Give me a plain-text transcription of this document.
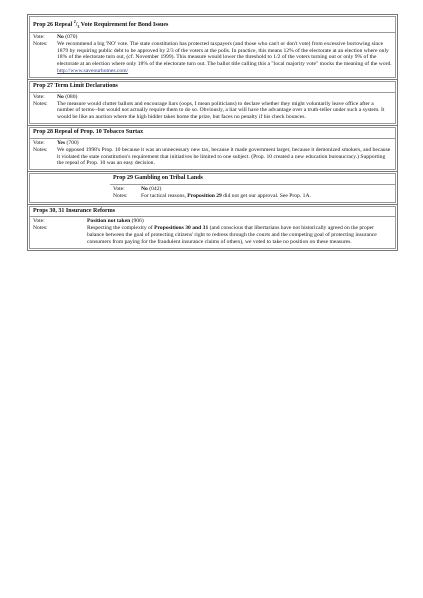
Prop 26 Repeal $^2/_3$ Vote Requirement for Bond Issues
Vote:	No (070)
Notes:	We recommend a big 'NO' vote. The state constitution has protected taxpayers (and those who can't or don't vote) from excessive borrowing since 1879 by requiring public debt to be approved by 2/3 of the voters at the polls. In practice, this means 12% of the electorate at an election where only 18% of the electorate turn out, (cf. November 1999). This measure would lower the threshold to 1/2 of the voters turning out or only 9% of the electorate at an election where only 18% of the electorate turn out. The ballot title calling this a "local majority vote" mocks the meaning of the word.
http://www.saveourhomes.com/
Prop 27 Term Limit Declarations
Vote:	No (080)
Notes:	The measure would clutter ballots and encourage liars (oops, I mean politicians) to declare whether they might voluntarily leave office after a number of terms--but would not actually require them to do so. Obviously, a liar will have the advantage over a truth-teller under such a system. It would be like an auction where the high bidder takes home the prize, but faces no penalty if his check bounces.
Prop 28 Repeal of Prop. 10 Tobacco Surtax
Vote:	Yes (700)
Notes:	We opposed 1998's Prop. 10 because it was an unnecessary new tax, because it made government larger, because it demonized smokers, and because it violated the state constitution's requirement that initiatives be limited to one subject. (Prop. 10 created a new education bureaucracy.) Supporting the repeal of Prop. 10 was an easy decision.
Prop 29 Gambling on Tribal Lands
Vote:	No (042)
Notes:	For tactical reasons, Proposition 29 did not get our approval. See Prop. 1A.
Props 30, 31 Insurance Reforms
Vote:	Position not taken (906)
Notes:	Respecting the complexity of Propositions 30 and 31 (and conscious that libertarians have not historically agreed on the proper balance between the goal of protecting citizens' right to redress through the courts and the competing goal of protecting insurance consumers from paying for the fraudulent insurance claims of others), we voted to take no position on these measures.
